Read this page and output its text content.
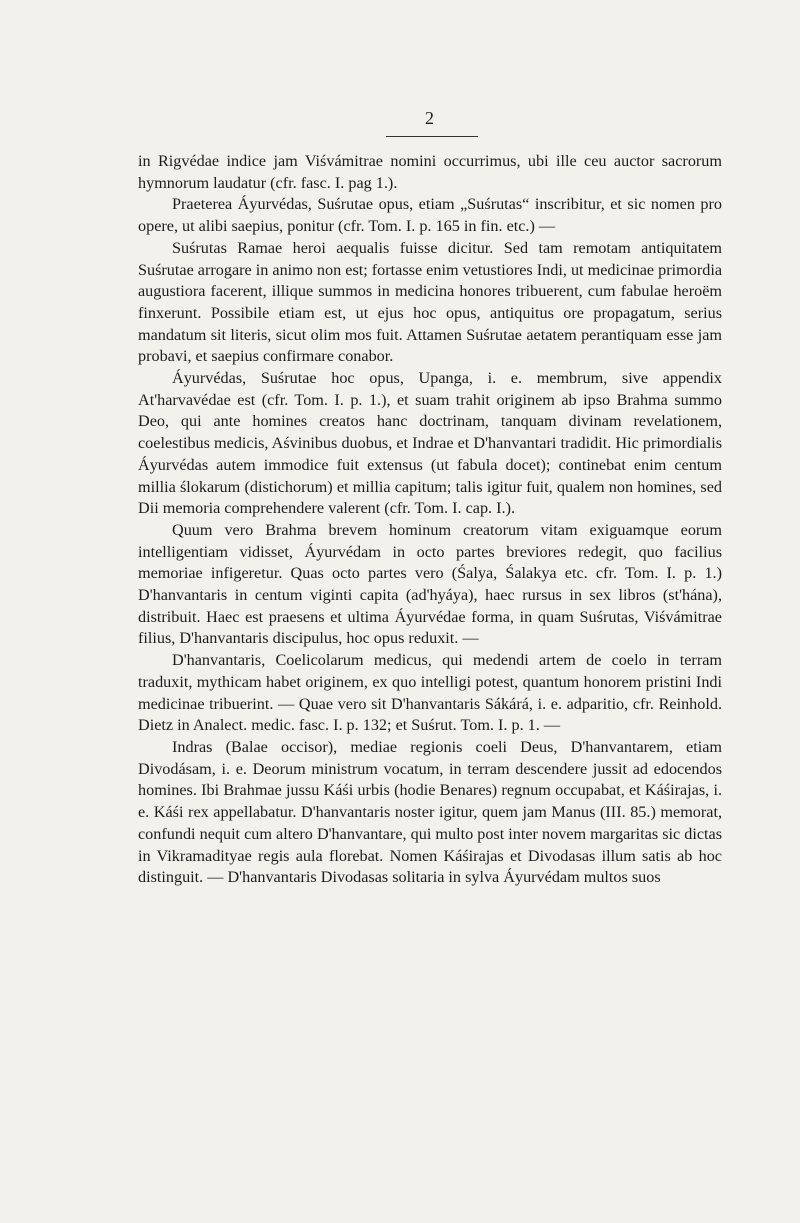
2

in Rigvédae indice jam Viśvámitrae nomini occurrimus, ubi ille ceu auctor sacrorum hymnorum laudatur (cfr. fasc. I. pag 1.).

Praeterea Áyurvédas, Suśrutae opus, etiam „Suśrutas“ inscribitur, et sic nomen pro opere, ut alibi saepius, ponitur (cfr. Tom. I. p. 165 in fin. etc.) —

Suśrutas Ramae heroi aequalis fuisse dicitur. Sed tam remotam antiquitatem Suśrutae arrogare in animo non est; fortasse enim vetustiores Indi, ut medicinae primordia augustiora facerent, illique summos in medicina honores tribuerent, cum fabulae heroëm finxerunt. Possibile etiam est, ut ejus hoc opus, antiquitus ore propagatum, serius mandatum sit literis, sicut olim mos fuit. Attamen Suśrutae aetatem perantiquam esse jam probavi, et saepius confirmare conabor.

Áyurvédas, Suśrutae hoc opus, Upanga, i. e. membrum, sive appendix At'harvavédae est (cfr. Tom. I. p. 1.), et suam trahit originem ab ipso Brahma summo Deo, qui ante homines creatos hanc doctrinam, tanquam divinam revelationem, coelestibus medicis, Aśvinibus duobus, et Indrae et D'hanvantari tradidit. Hic primordialis Áyurvédas autem immodice fuit extensus (ut fabula docet); continebat enim centum millia ślokarum (distichorum) et millia capitum; talis igitur fuit, qualem non homines, sed Dii memoria comprehendere valerent (cfr. Tom. I. cap. I.).

Quum vero Brahma brevem hominum creatorum vitam exiguamque eorum intelligentiam vidisset, Áyurvédam in octo partes breviores redegit, quo facilius memoriae infigeretur. Quas octo partes vero (Śalya, Śalakya etc. cfr. Tom. I. p. 1.) D'hanvantaris in centum viginti capita (ad'hyáya), haec rursus in sex libros (st'hána), distribuit. Haec est praesens et ultima Áyurvédae forma, in quam Suśrutas, Viśvámitrae filius, D'hanvantaris discipulus, hoc opus reduxit. —

D'hanvantaris, Coelicolarum medicus, qui medendi artem de coelo in terram traduxit, mythicam habet originem, ex quo intelligi potest, quantum honorem pristini Indi medicinae tribuerint. — Quae vero sit D'hanvantaris Sákárá, i. e. adparitio, cfr. Reinhold. Dietz in Analect. medic. fasc. I. p. 132; et Suśrut. Tom. I. p. 1. —

Indras (Balae occisor), mediae regionis coeli Deus, D'hanvantarem, etiam Divodásam, i. e. Deorum ministrum vocatum, in terram descendere jussit ad edocendos homines. Ibi Brahmae jussu Káśi urbis (hodie Benares) regnum occupabat, et Káśirajas, i. e. Káśi rex appellabatur. D'hanvantaris noster igitur, quem jam Manus (III. 85.) memorat, confundi nequit cum altero D'hanvantare, qui multo post inter novem margaritas sic dictas in Vikramadityae regis aula florebat. Nomen Káśirajas et Divodasas illum satis ab hoc distinguit. — D'hanvantaris Divodasas solitaria in sylva Áyurvédam multos suos
